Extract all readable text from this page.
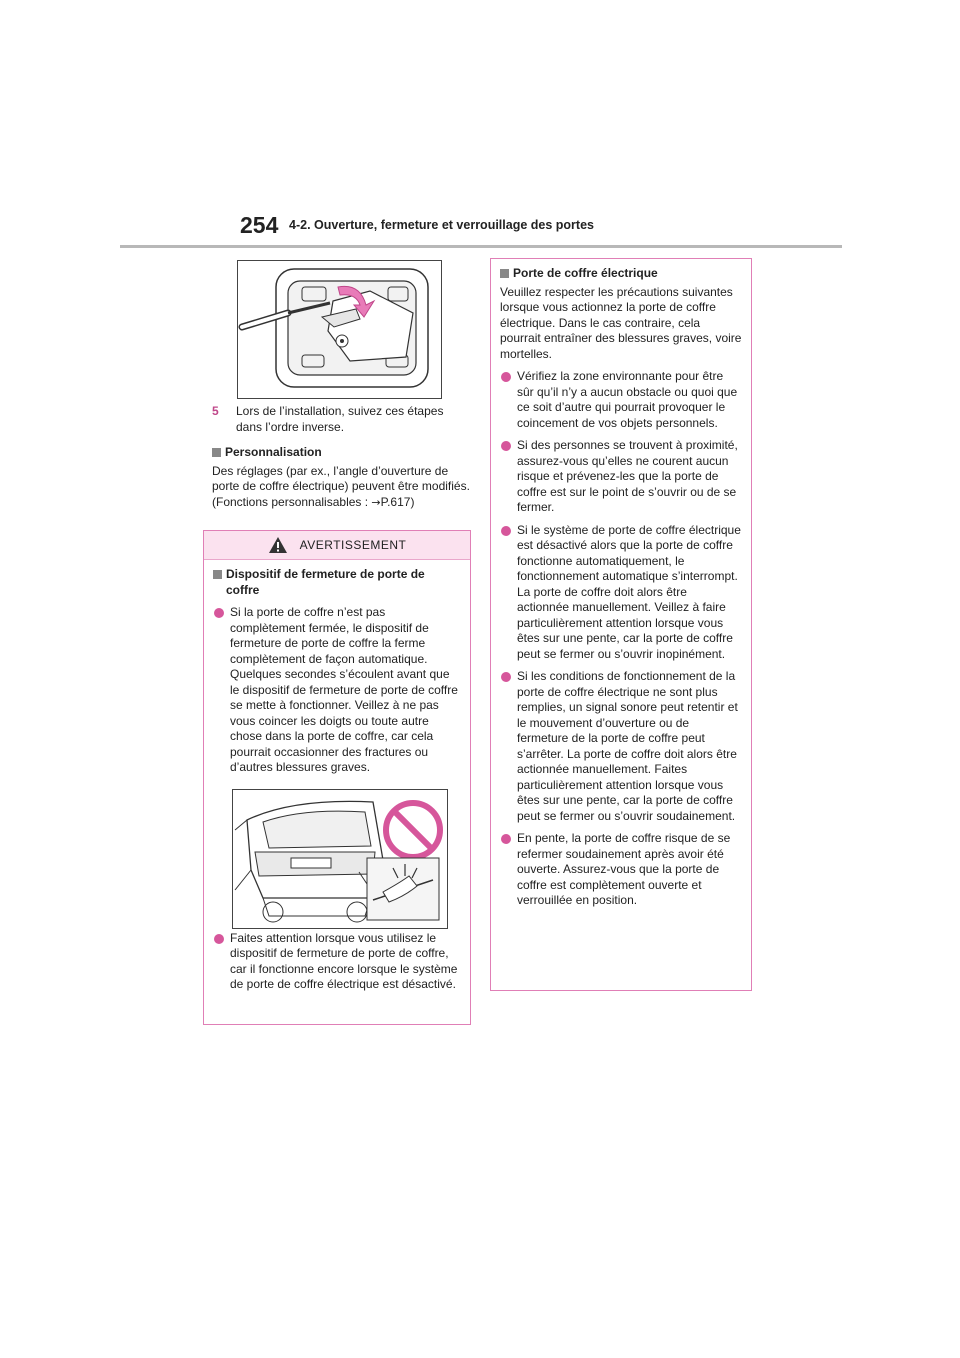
254 4-2. Ouverture, fermeture et verrouillage des portes
5 Lors de l’installation, suivez ces étapes dans l’ordre inverse.
Personnalisation
Des réglages (par ex., l’angle d’ouverture de porte de coffre électrique) peuvent être modifiés. (Fonctions personnalisables : →P.617)
AVERTISSEMENT
Dispositif de fermeture de porte de coffre
Si la porte de coffre n’est pas complètement fermée, le dispositif de fermeture de porte de coffre la ferme complètement de façon automatique. Quelques secondes s’écoulent avant que le dispositif de fermeture de porte de coffre se mette à fonctionner. Veillez à ne pas vous coincer les doigts ou toute autre chose dans la porte de coffre, car cela pourrait occasionner des fractures ou d’autres blessures graves.
Faites attention lorsque vous utilisez le dispositif de fermeture de porte de coffre, car il fonctionne encore lorsque le système de porte de coffre électrique est désactivé.
Porte de coffre électrique
Veuillez respecter les précautions suivantes lorsque vous actionnez la porte de coffre électrique. Dans le cas contraire, cela pourrait entraîner des blessures graves, voire mortelles.
Vérifiez la zone environnante pour être sûr qu’il n’y a aucun obstacle ou quoi que ce soit d’autre qui pourrait provoquer le coincement de vos objets personnels.
Si des personnes se trouvent à proximité, assurez-vous qu’elles ne courent aucun risque et prévenez-les que la porte de coffre est sur le point de s’ouvrir ou de se fermer.
Si le système de porte de coffre électrique est désactivé alors que la porte de coffre fonctionne automatiquement, le fonctionnement automatique s’interrompt. La porte de coffre doit alors être actionnée manuellement. Veillez à faire particulièrement attention lorsque vous êtes sur une pente, car la porte de coffre peut se fermer ou s’ouvrir inopinément.
Si les conditions de fonctionnement de la porte de coffre électrique ne sont plus remplies, un signal sonore peut retentir et le mouvement d’ouverture ou de fermeture de la porte de coffre peut s’arrêter. La porte de coffre doit alors être actionnée manuellement. Faites particulièrement attention lorsque vous êtes sur une pente, car la porte de coffre peut se fermer ou s’ouvrir soudainement.
En pente, la porte de coffre risque de se refermer soudainement après avoir été ouverte. Assurez-vous que la porte de coffre est complètement ouverte et verrouillée en position.
